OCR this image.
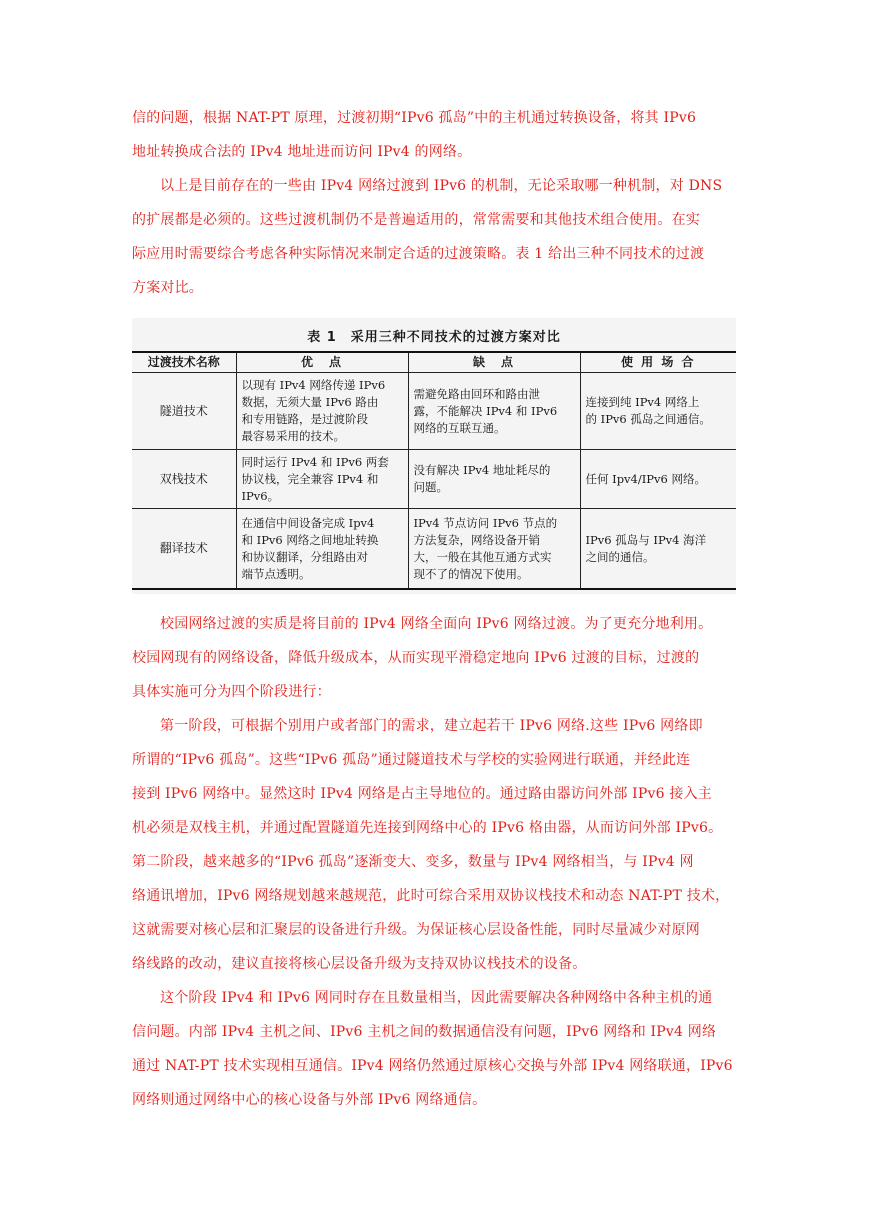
信的问题，根据 NAT-PT 原理，过渡初期“IPv6 孤岛”中的主机通过转换设备，将其 IPv6
地址转换成合法的 IPv4 地址进而访问 IPv4 的网络。
以上是目前存在的一些由 IPv4 网络过渡到 IPv6 的机制，无论采取哪一种机制，对 DNS
的扩展都是必须的。这些过渡机制仍不是普遍适用的，常常需要和其他技术组合使用。在实
际应用时需要综合考虑各种实际情况来制定合适的过渡策略。表 1 给出三种不同技术的过渡
方案对比。
表 1　采用三种不同技术的过渡方案对比
过渡技术名称	优　点	缺　点	使 用 场 合
隧道技术	以现有 IPv4 网络传递 IPv6
数据，无须大量 IPv6 路由
和专用链路，是过渡阶段
最容易采用的技术。	需避免路由回环和路由泄
露，不能解决 IPv4 和 IPv6
网络的互联互通。	连接到纯 IPv4 网络上
的 IPv6 孤岛之间通信。

双栈技术	同时运行 IPv4 和 IPv6 两套
协议栈，完全兼容 IPv4 和
IPv6。	没有解决 IPv4 地址耗尽的
问题。	任何 Ipv4/IPv6 网络。

翻译技术	在通信中间设备完成 Ipv4
和 IPv6 网络之间地址转换
和协议翻译，分组路由对
端节点透明。	IPv4 节点访问 IPv6 节点的
方法复杂，网络设备开销
大，一般在其他互通方式实
现不了的情况下使用。	IPv6 孤岛与 IPv4 海洋
之间的通信。
校园网络过渡的实质是将目前的 IPv4 网络全面向 IPv6 网络过渡。为了更充分地利用。
校园网现有的网络设备，降低升级成本，从而实现平滑稳定地向 IPv6 过渡的目标，过渡的
具体实施可分为四个阶段进行：
第一阶段，可根据个别用户或者部门的需求，建立起若干 IPv6 网络.这些 IPv6 网络即
所谓的“IPv6 孤岛”。这些“IPv6 孤岛”通过隧道技术与学校的实验网进行联通，并经此连
接到 IPv6 网络中。显然这时 IPv4 网络是占主导地位的。通过路由器访问外部 IPv6 接入主
机必须是双栈主机，并通过配置隧道先连接到网络中心的 IPv6 格由器，从而访问外部 IPv6。
第二阶段，越来越多的“IPv6 孤岛”逐渐变大、变多，数量与 IPv4 网络相当，与 IPv4 网
络通讯增加，IPv6 网络规划越来越规范，此时可综合采用双协议栈技术和动态 NAT-PT 技术，
这就需要对核心层和汇聚层的设备进行升级。为保证核心层设备性能，同时尽量减少对原网
络线路的改动，建议直接将核心层设备升级为支持双协议栈技术的设备。
这个阶段 IPv4 和 IPv6 网同时存在且数量相当，因此需要解决各种网络中各种主机的通
信问题。内部 IPv4 主机之间、IPv6 主机之间的数据通信没有问题，IPv6 网络和 IPv4 网络
通过 NAT-PT 技术实现相互通信。IPv4 网络仍然通过原核心交换与外部 IPv4 网络联通，IPv6
网络则通过网络中心的核心设备与外部 IPv6 网络通信。
